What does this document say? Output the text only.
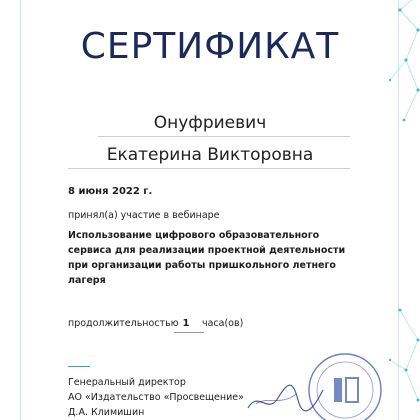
СЕРТИФИКАТ
Онуфриевич
Екатерина Викторовна
8 июня 2022 г.
принял(а) участие в вебинаре
Использование цифрового образовательного
сервиса для реализации проектной деятельности
при организации работы пришкольного летнего
лагеря
продолжительностью 1	часа(ов)
Генеральный директор
АО «Издательство «Просвещение»
Д.А. Климишин
